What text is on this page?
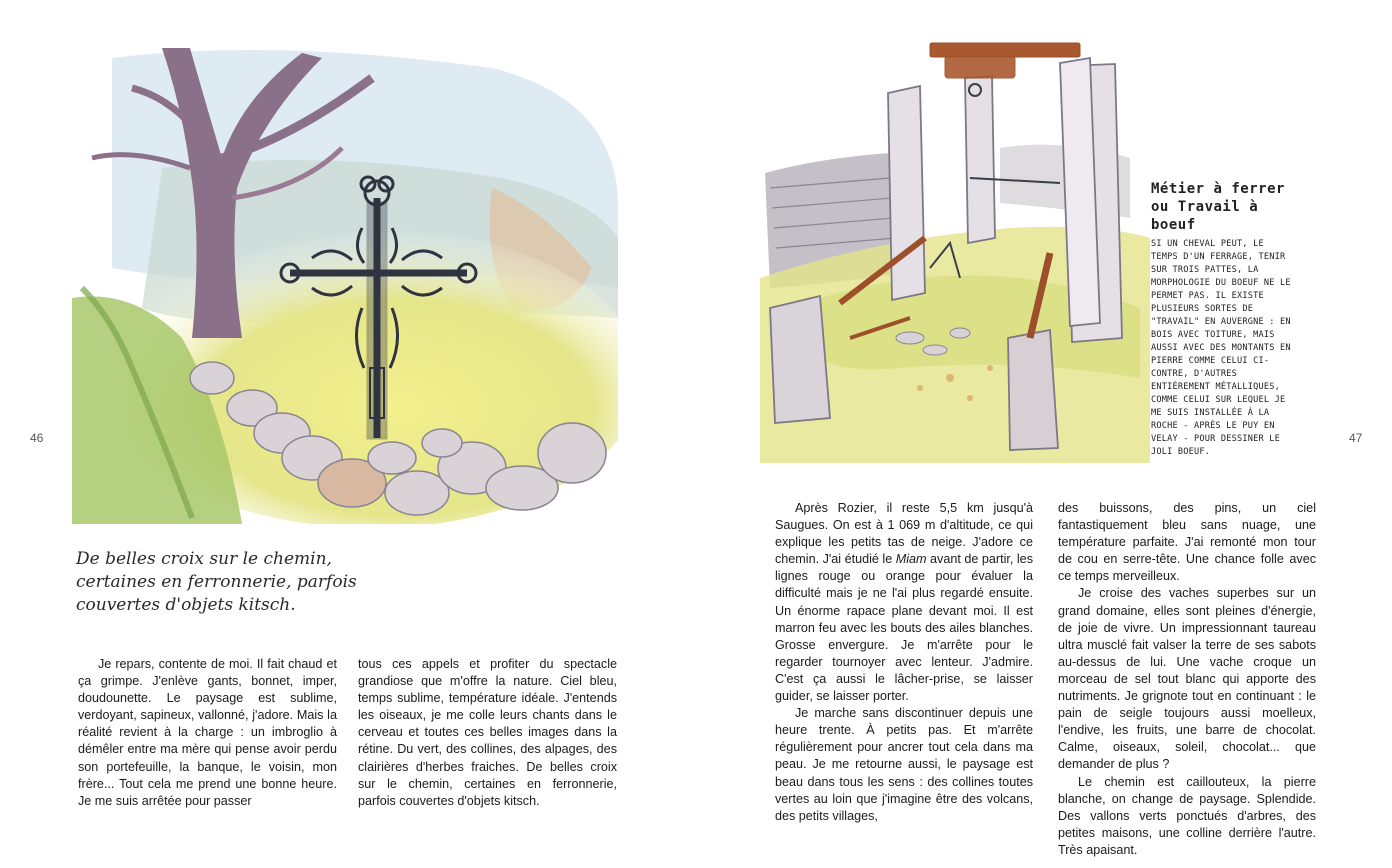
46
De belles croix sur le chemin,
certaines en ferronnerie, parfois
couvertes d'objets kitsch.

Je repars, contente de moi. Il fait chaud et ça grimpe. J'enlève gants, bonnet, imper, doudounette. Le paysage est sublime, verdoyant, sapineux, vallonné, j'adore. Mais la réalité revient à la charge : un imbroglio à démêler entre ma mère qui pense avoir perdu son portefeuille, la banque, le voisin, mon frère... Tout cela me prend une bonne heure. Je me suis arrêtée pour passer

tous ces appels et profiter du spectacle grandiose que m'offre la nature. Ciel bleu, temps sublime, température idéale. J'entends les oiseaux, je me colle leurs chants dans le cerveau et toutes ces belles images dans la rétine. Du vert, des collines, des alpages, des clairières d'herbes fraiches. De belles croix sur le chemin, certaines en ferronnerie, parfois couvertes d'objets kitsch.

47
Métier à ferrer ou Travail à boeuf
SI UN CHEVAL PEUT, LE TEMPS D'UN FERRAGE, TENIR SUR TROIS PATTES, LA MORPHOLOGIE DU BOEUF NE LE PERMET PAS. IL EXISTE PLUSIEURS SORTES DE "TRAVAIL" EN AUVERGNE : EN BOIS AVEC TOITURE, MAIS AUSSI AVEC DES MONTANTS EN PIERRE COMME CELUI CI-CONTRE, D'AUTRES ENTIÈREMENT MÉTALLIQUES, COMME CELUI SUR LEQUEL JE ME SUIS INSTALLÉE À LA ROCHE - APRÈS LE PUY EN VELAY - POUR DESSINER LE JOLI BOEUF.

Après Rozier, il reste 5,5 km jusqu'à Saugues. On est à 1 069 m d'altitude, ce qui explique les petits tas de neige. J'adore ce chemin. J'ai étudié le Miam avant de partir, les lignes rouge ou orange pour évaluer la difficulté mais je ne l'ai plus regardé ensuite. Un énorme rapace plane devant moi. Il est marron feu avec les bouts des ailes blanches. Grosse envergure. Je m'arrête pour le regarder tournoyer avec lenteur. J'admire. C'est ça aussi le lâcher-prise, se laisser guider, se laisser porter.

Je marche sans discontinuer depuis une heure trente. À petits pas. Et m'arrête régulièrement pour ancrer tout cela dans ma peau. Je me retourne aussi, le paysage est beau dans tous les sens : des collines toutes vertes au loin que j'imagine être des volcans, des petits villages,

des buissons, des pins, un ciel fantastiquement bleu sans nuage, une température parfaite. J'ai remonté mon tour de cou en serre-tête. Une chance folle avec ce temps merveilleux.

Je croise des vaches superbes sur un grand domaine, elles sont pleines d'énergie, de joie de vivre. Un impressionnant taureau ultra musclé fait valser la terre de ses sabots au-dessus de lui. Une vache croque un morceau de sel tout blanc qui apporte des nutriments. Je grignote tout en continuant : le pain de seigle toujours aussi moelleux, l'endive, les fruits, une barre de chocolat. Calme, oiseaux, soleil, chocolat... que demander de plus ?

Le chemin est caillouteux, la pierre blanche, on change de paysage. Splendide. Des vallons verts ponctués d'arbres, des petites maisons, une colline derrière l'autre. Très apaisant.
